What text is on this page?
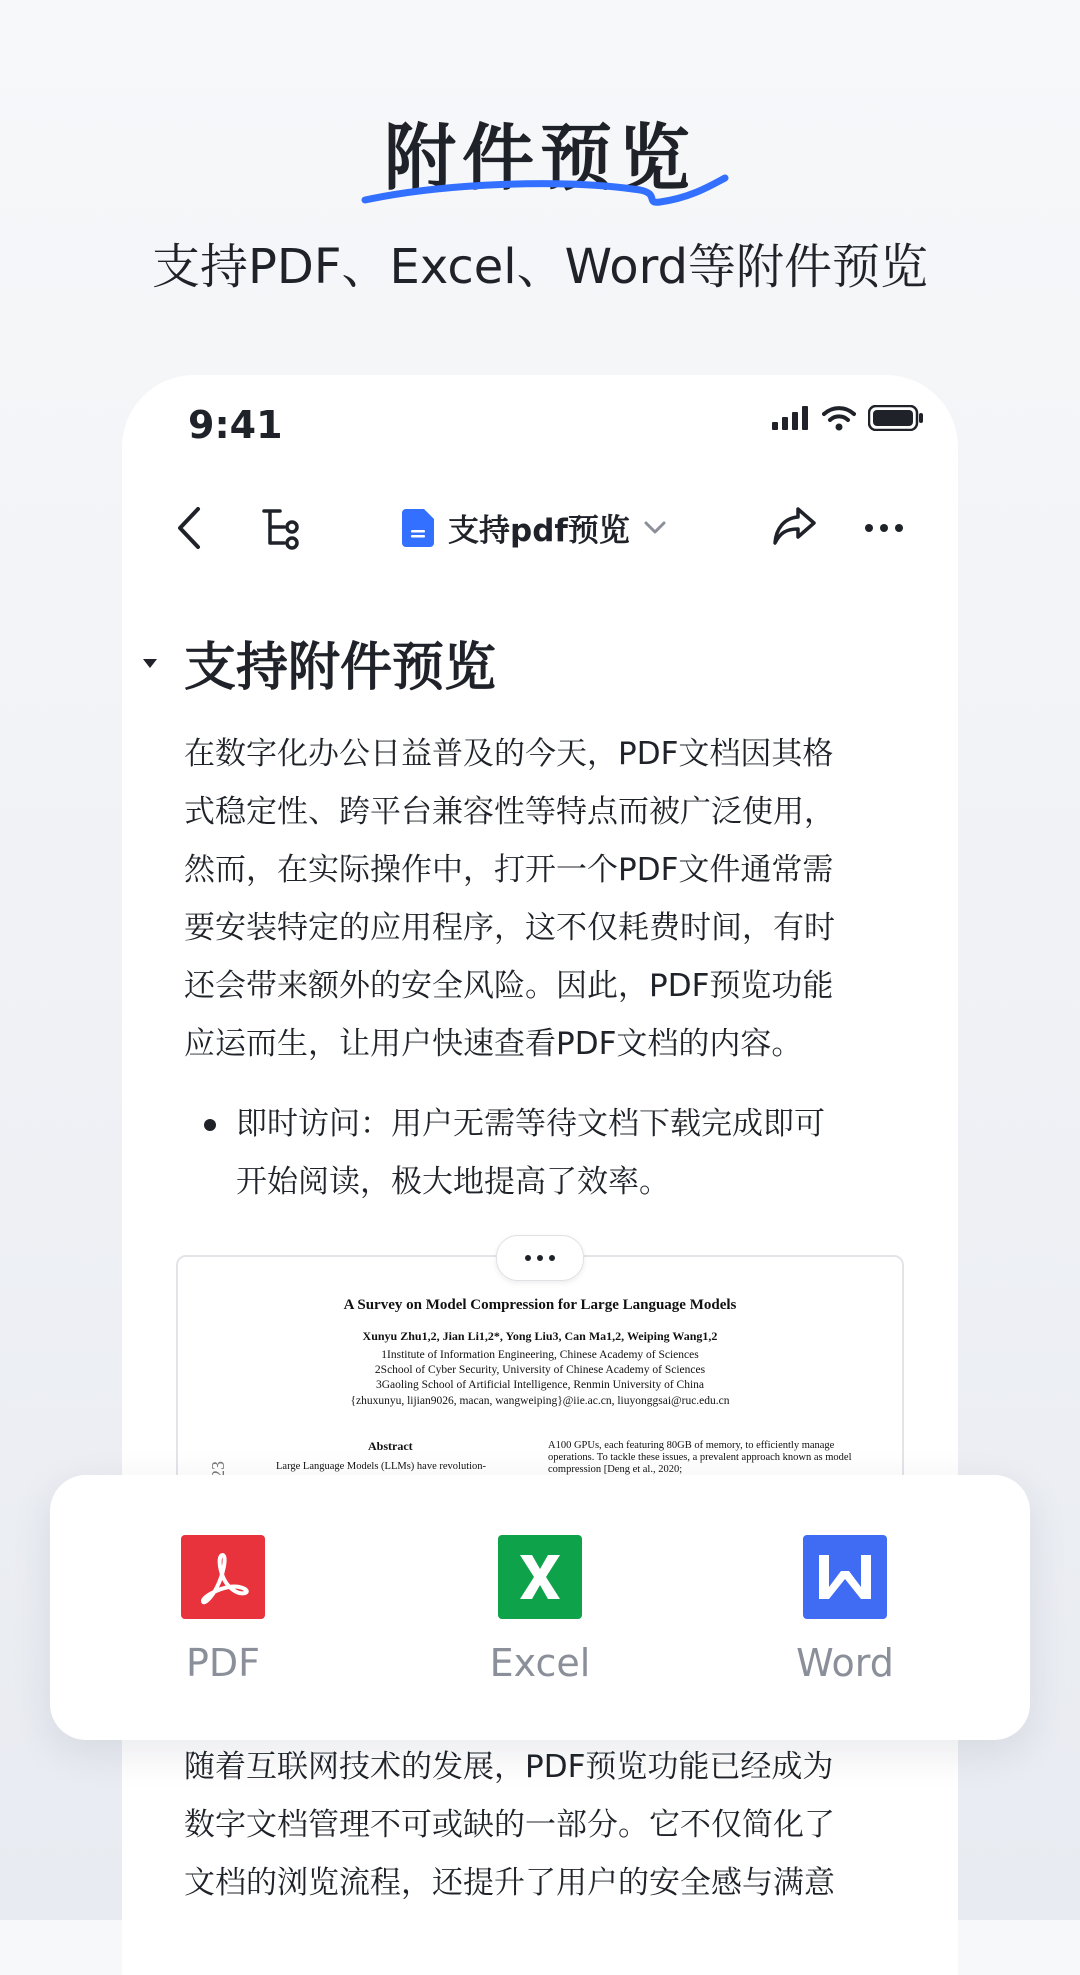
附件预览
支持PDF、Excel、Word等附件预览
9:41
支持pdf预览
支持附件预览
在数字化办公日益普及的今天，PDF文档因其格
式稳定性、跨平台兼容性等特点而被广泛使用，
然而，在实际操作中，打开一个PDF文件通常需
要安装特定的应用程序，这不仅耗费时间，有时
还会带来额外的安全风险。因此，PDF预览功能
应运而生，让用户快速查看PDF文档的内容。
即时访问：用户无需等待文档下载完成即可
开始阅读，极大地提高了效率。
A Survey on Model Compression for Large Language Models
Xunyu Zhu1,2, Jian Li1,2*, Yong Liu3, Can Ma1,2, Weiping Wang1,2
1Institute of Information Engineering, Chinese Academy of Sciences
2School of Cyber Security, University of Chinese Academy of Sciences
3Gaoling School of Artificial Intelligence, Renmin University of China
{zhuxunyu, lijian9026, macan, wangweiping}@iie.ac.cn, liuyonggsai@ruc.edu.cn
Abstract
Large Language Models (LLMs) have revolution-
A100 GPUs, each featuring 80GB of memory, to efficiently manage operations. To tackle these issues, a prevalent approach known as model compression [Deng et al., 2020;
随着互联网技术的发展，PDF预览功能已经成为
数字文档管理不可或缺的一部分。它不仅简化了
文档的浏览流程，还提升了用户的安全感与满意
PDF	Excel	Word
